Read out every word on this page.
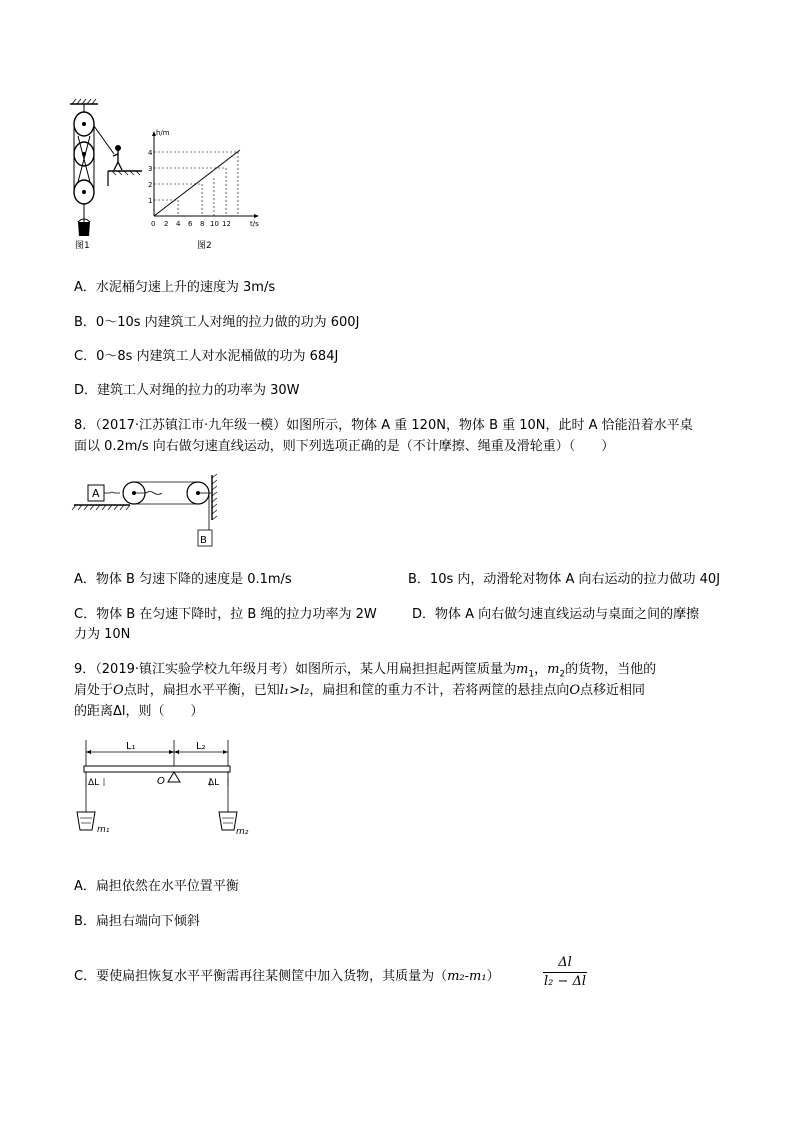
图1
h/m
t/s
1
2
3
4
0 2 4 6 8 10 12
图2
A．水泥桶匀速上升的速度为 3m/s
B．0～10s 内建筑工人对绳的拉力做的功为 600J
C．0～8s 内建筑工人对水泥桶做的功为 684J
D．建筑工人对绳的拉力的功率为 30W
8．（2017·江苏镇江市·九年级一模）如图所示，物体 A 重 120N，物体 B 重 10N，此时 A 恰能沿着水平桌
面以 0.2m/s 向右做匀速直线运动，则下列选项正确的是（不计摩擦、绳重及滑轮重）（　　）
A
B
A．物体 B 匀速下降的速度是 0.1m/s	B．10s 内，动滑轮对物体 A 向右运动的拉力做功 40J
C．物体 B 在匀速下降时，拉 B 绳的拉力功率为 2W	D．物体 A 向右做匀速直线运动与桌面之间的摩擦
力为 10N
9．（2019·镇江实验学校九年级月考）如图所示，某人用扁担担起两筐质量为$m_1$，$m_2$的货物，当他的
肩处于O点时，扁担水平平衡，已知l₁>l₂，扁担和筐的重力不计，若将两筐的悬挂点向O点移近相同
的距离Δl，则（　　）
L₁	L₂
O
ΔL	ΔL
m₁	m₂
A．扁担依然在水平位置平衡
B．扁担右端向下倾斜
C．要使扁担恢复水平平衡需再往某侧筐中加入货物，其质量为（m₂-m₁）
Δl
l₂ − Δl
